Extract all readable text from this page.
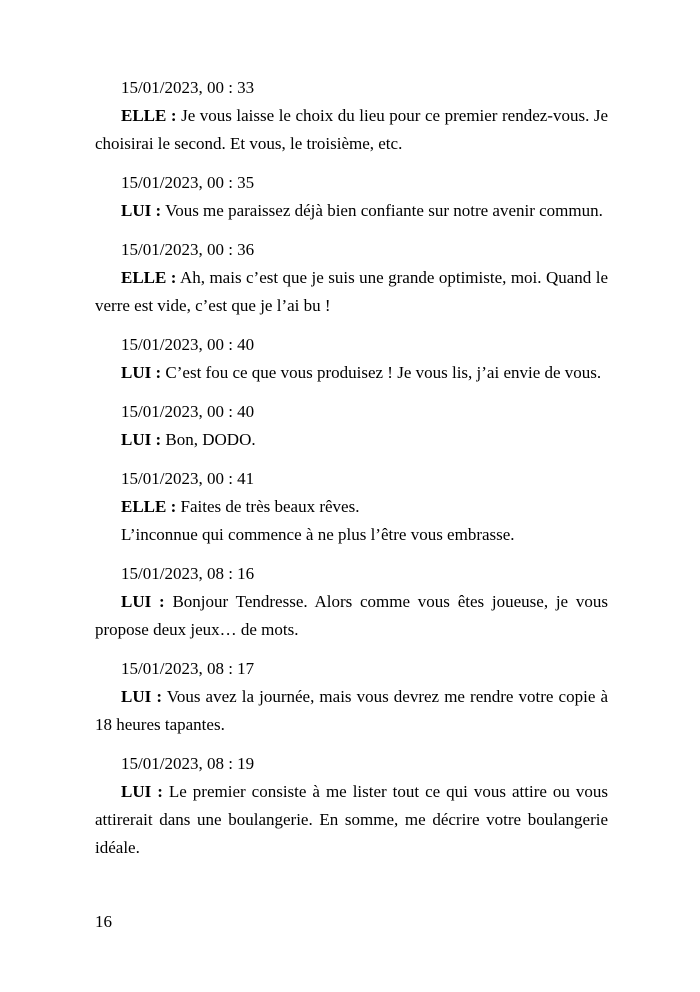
15/01/2023, 00 : 33

ELLE : Je vous laisse le choix du lieu pour ce premier rendez-vous. Je choisirai le second. Et vous, le troisième, etc.

15/01/2023, 00 : 35

LUI : Vous me paraissez déjà bien confiante sur notre avenir commun.

15/01/2023, 00 : 36

ELLE : Ah, mais c’est que je suis une grande optimiste, moi. Quand le verre est vide, c’est que je l’ai bu !

15/01/2023, 00 : 40

LUI : C’est fou ce que vous produisez ! Je vous lis, j’ai envie de vous.

15/01/2023, 00 : 40

LUI : Bon, DODO.

15/01/2023, 00 : 41

ELLE : Faites de très beaux rêves.

L’inconnue qui commence à ne plus l’être vous embrasse.

15/01/2023, 08 : 16

LUI : Bonjour Tendresse. Alors comme vous êtes joueuse, je vous propose deux jeux… de mots.

15/01/2023, 08 : 17

LUI : Vous avez la journée, mais vous devrez me rendre votre copie à 18 heures tapantes.

15/01/2023, 08 : 19

LUI : Le premier consiste à me lister tout ce qui vous attire ou vous attirerait dans une boulangerie. En somme, me décrire votre boulangerie idéale.

16
